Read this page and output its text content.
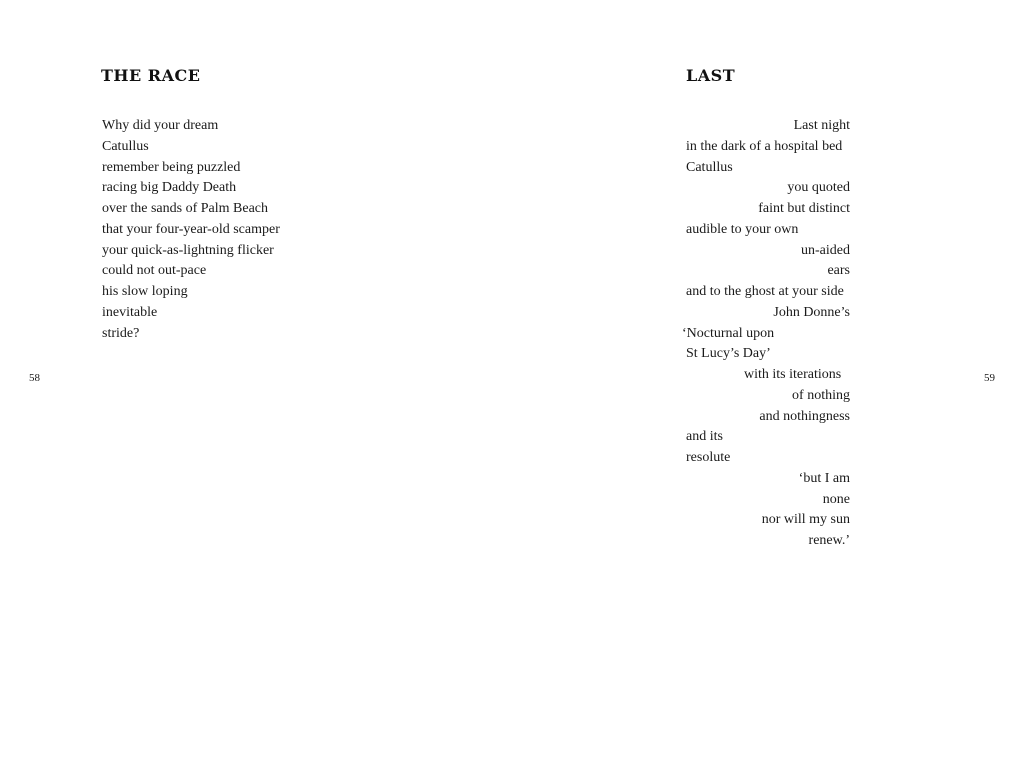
THE RACE
Why did your dream
Catullus
remember being puzzled
racing big Daddy Death
over the sands of Palm Beach
that your four-year-old scamper
your quick-as-lightning flicker
could not out-pace
his slow loping
inevitable
stride?
58
LAST
Last night
in the dark of a hospital bed
Catullus
you quoted
faint but distinct
audible to your own
un-aided
ears
and to the ghost at your side
John Donne’s
‘Nocturnal upon
St Lucy’s Day’
with its iterations
of nothing
and nothingness
and its
resolute
‘but I am
none
nor will my sun
renew.’
59
